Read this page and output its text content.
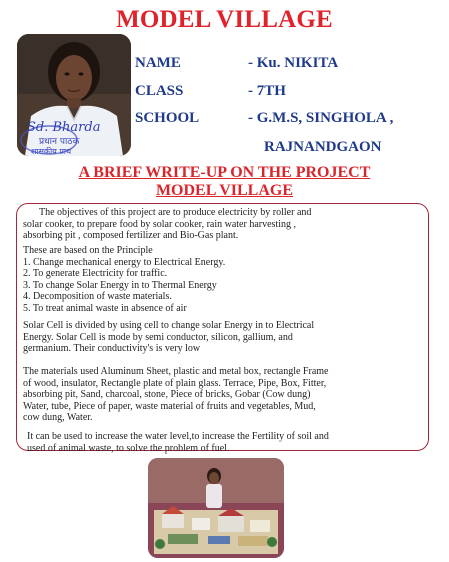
MODEL VILLAGE
Sd. Bharda
प्रधान पाठक
शासकीय प्राथ
NAME	- Ku. NIKITA
CLASS	- 7TH
SCHOOL	- G.M.S, SINGHOLA ,
RAJNANDGAON
A BRIEF WRITE-UP ON THE PROJECT
MODEL VILLAGE
The objectives of this project are to produce electricity by roller and
solar cooker, to prepare food by solar cooker, rain water harvesting ,
absorbing pit , composed fertilizer and Bio-Gas plant.
These are based on the Principle
1. Change mechanical energy to Electrical Energy.
2. To generate Electricity for traffic.
3. To change Solar Energy in to Thermal Energy
4. Decomposition of waste materials.
5. To treat animal waste in absence of air
Solar Cell is divided by using cell to change solar Energy in to Electrical
Energy. Solar Cell is mode by semi conductor, silicon, gallium, and
germanium. Their conductivity's is very low
The materials used Aluminum Sheet, plastic and metal box, rectangle Frame
of wood, insulator, Rectangle plate of plain glass. Terrace, Pipe, Box, Fitter,
absorbing pit, Sand, charcoal, stone, Piece of bricks, Gobar (Cow dung)
Water, tube, Piece of paper, waste material of fruits and vegetables, Mud,
cow dung, Water.
It can be used to increase the water level,to increase the Fertility of soil and
used of animal waste, to solve the problem of fuel.
